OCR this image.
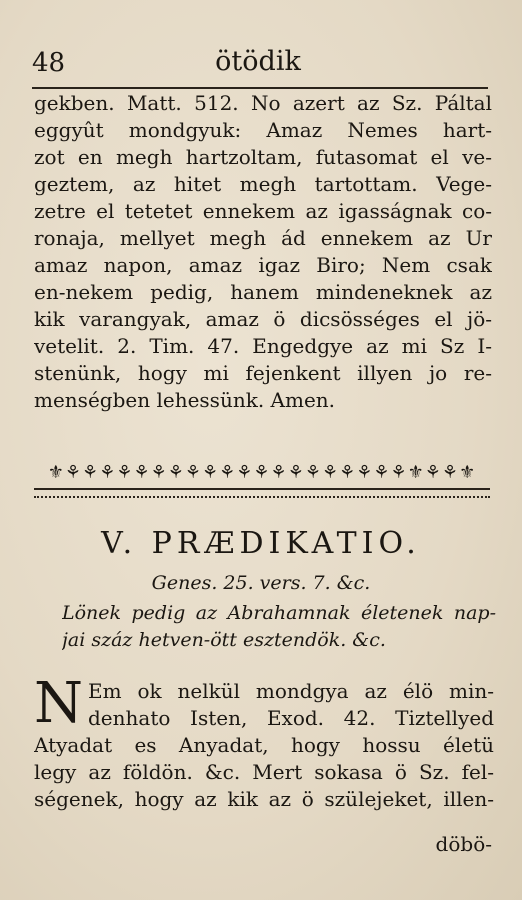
48	ötödik
gekben. Matt. 512. No azert az Sz. Páltal
eggyût mondgyuk: Amaz Nemes hart-
zot en megh hartzoltam, futasomat el ve-
geztem, az hitet megh tartottam. Vege-
zetre el tetetet ennekem az igasságnak co-
ronaja, mellyet megh ád ennekem az Ur
amaz napon, amaz igaz Biro; Nem csak
en-nekem pedig, hanem mindeneknek az
kik varangyak, amaz ö dicsösséges el jö-
vetelit. 2. Tim. 47. Engedgye az mi Sz I-
stenünk, hogy mi fejenkent illyen jo re-
menségben lehessünk. Amen.
⚜⚘⚘⚘⚘⚘⚘⚘⚘⚘⚘⚘⚘⚘⚘⚘⚘⚘⚘⚘⚘⚜⚘⚘⚜
V. PRÆDIKATIO.
Genes. 25. vers. 7. &c.
Lönek pedig az Abrahamnak életenek nap-
jai száz hetven-ött esztendök. &c.
N Em ok nelkül mondgya az élö min-
denhato Isten, Exod. 42. Tiztellyed
Atyadat es Anyadat, hogy hossu életü
legy az földön. &c. Mert sokasa ö Sz. fel-
ségenek, hogy az kik az ö szülejeket, illen-
döbö-
